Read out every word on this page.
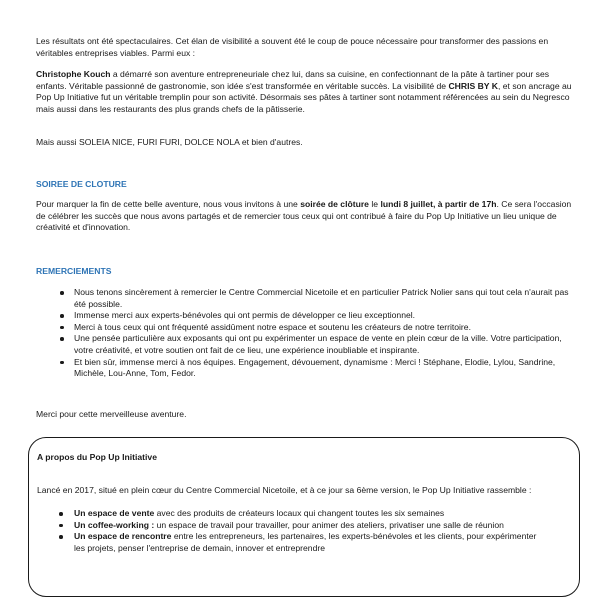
Les résultats ont été spectaculaires. Cet élan de visibilité a souvent été le coup de pouce nécessaire pour transformer des passions en véritables entreprises viables. Parmi eux :

Christophe Kouch a démarré son aventure entrepreneuriale chez lui, dans sa cuisine, en confectionnant de la pâte à tartiner pour ses enfants. Véritable passionné de gastronomie, son idée s'est transformée en véritable succès. La visibilité de CHRIS BY K, et son ancrage au Pop Up Initiative fut un véritable tremplin pour son activité. Désormais ses pâtes à tartiner sont notamment référencées au sein du Negresco mais aussi dans les restaurants des plus grands chefs de la pâtisserie.

Mais aussi SOLEIA NICE, FURI FURI, DOLCE NOLA et bien d'autres.

SOIREE DE CLOTURE

Pour marquer la fin de cette belle aventure, nous vous invitons à une soirée de clôture le lundi 8 juillet, à partir de 17h. Ce sera l'occasion de célébrer les succès que nous avons partagés et de remercier tous ceux qui ont contribué à faire du Pop Up Initiative un lieu unique de créativité et d'innovation.

REMERCIEMENTS

Nous tenons sincèrement à remercier le Centre Commercial Nicetoile et en particulier Patrick Nolier sans qui tout cela n'aurait pas été possible.
Immense merci aux experts-bénévoles qui ont permis de développer ce lieu exceptionnel.
Merci à tous ceux qui ont fréquenté assidûment notre espace et soutenu les créateurs de notre territoire.
Une pensée particulière aux exposants qui ont pu expérimenter un espace de vente en plein cœur de la ville. Votre participation, votre créativité, et votre soutien ont fait de ce lieu, une expérience inoubliable et inspirante.
Et bien sûr, immense merci à nos équipes. Engagement, dévouement, dynamisme : Merci ! Stéphane, Elodie, Lylou, Sandrine, Michèle, Lou-Anne, Tom, Fedor.

Merci pour cette merveilleuse aventure.

A propos du Pop Up Initiative

Lancé en 2017, situé en plein cœur du Centre Commercial Nicetoile, et à ce jour sa 6ème version, le Pop Up Initiative rassemble :

Un espace de vente avec des produits de créateurs locaux qui changent toutes les six semaines
Un coffee-working : un espace de travail pour travailler, pour animer des ateliers, privatiser une salle de réunion
Un espace de rencontre entre les entrepreneurs, les partenaires, les experts-bénévoles et les clients, pour expérimenter les projets, penser l'entreprise de demain, innover et entreprendre
